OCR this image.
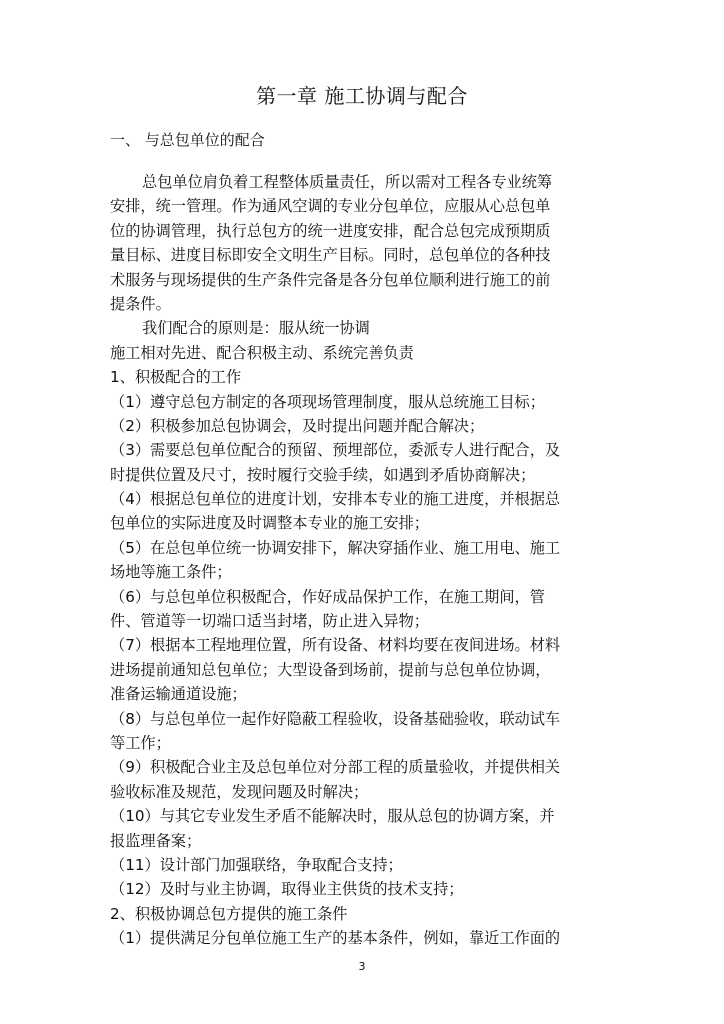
第一章 施工协调与配合
一、 与总包单位的配合
总包单位肩负着工程整体质量责任，所以需对工程各专业统筹
安排，统一管理。作为通风空调的专业分包单位，应服从心总包单
位的协调管理，执行总包方的统一进度安排，配合总包完成预期质
量目标、进度目标即安全文明生产目标。同时，总包单位的各种技
术服务与现场提供的生产条件完备是各分包单位顺利进行施工的前
提条件。
我们配合的原则是：服从统一协调
施工相对先进、配合积极主动、系统完善负责
1、积极配合的工作
（1）遵守总包方制定的各项现场管理制度，服从总统施工目标；
（2）积极参加总包协调会，及时提出问题并配合解决；
（3）需要总包单位配合的预留、预埋部位，委派专人进行配合，及
时提供位置及尺寸，按时履行交验手续，如遇到矛盾协商解决；
（4）根据总包单位的进度计划，安排本专业的施工进度，并根据总
包单位的实际进度及时调整本专业的施工安排；
（5）在总包单位统一协调安排下，解决穿插作业、施工用电、施工
场地等施工条件；
（6）与总包单位积极配合，作好成品保护工作，在施工期间，管
件、管道等一切端口适当封堵，防止进入异物；
（7）根据本工程地理位置，所有设备、材料均要在夜间进场。材料
进场提前通知总包单位；大型设备到场前，提前与总包单位协调，
准备运输通道设施；
（8）与总包单位一起作好隐蔽工程验收，设备基础验收，联动试车
等工作；
（9）积极配合业主及总包单位对分部工程的质量验收，并提供相关
验收标准及规范，发现问题及时解决；
（10）与其它专业发生矛盾不能解决时，服从总包的协调方案，并
报监理备案；
（11）设计部门加强联络，争取配合支持；
（12）及时与业主协调，取得业主供货的技术支持；
2、积极协调总包方提供的施工条件
（1）提供满足分包单位施工生产的基本条件，例如，靠近工作面的
3
